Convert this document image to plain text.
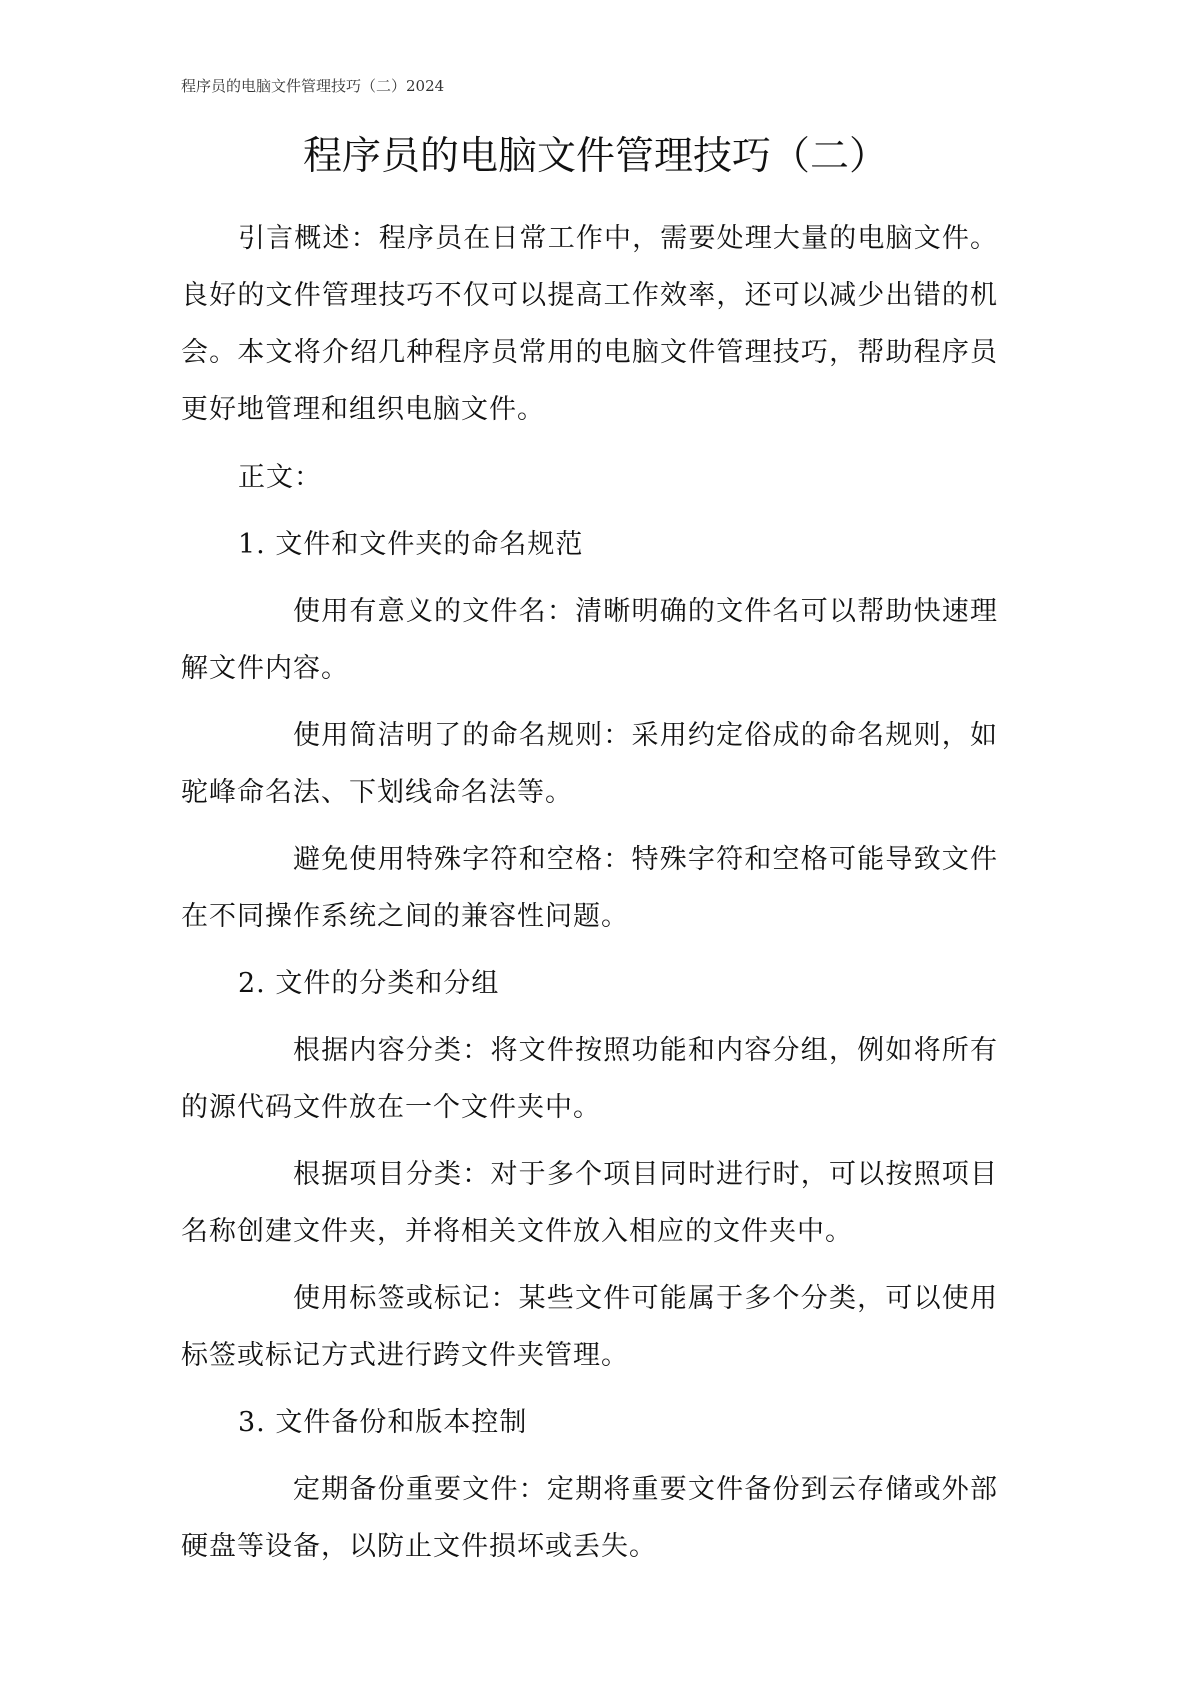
程序员的电脑文件管理技巧（二）2024
程序员的电脑文件管理技巧（二）

引言概述：程序员在日常工作中，需要处理大量的电脑文件。良好的文件管理技巧不仅可以提高工作效率，还可以减少出错的机会。本文将介绍几种程序员常用的电脑文件管理技巧，帮助程序员更好地管理和组织电脑文件。

正文：

1. 文件和文件夹的命名规范

使用有意义的文件名：清晰明确的文件名可以帮助快速理解文件内容。

使用简洁明了的命名规则：采用约定俗成的命名规则，如驼峰命名法、下划线命名法等。

避免使用特殊字符和空格：特殊字符和空格可能导致文件在不同操作系统之间的兼容性问题。

2. 文件的分类和分组

根据内容分类：将文件按照功能和内容分组，例如将所有的源代码文件放在一个文件夹中。

根据项目分类：对于多个项目同时进行时，可以按照项目名称创建文件夹，并将相关文件放入相应的文件夹中。

使用标签或标记：某些文件可能属于多个分类，可以使用标签或标记方式进行跨文件夹管理。

3. 文件备份和版本控制

定期备份重要文件：定期将重要文件备份到云存储或外部硬盘等设备，以防止文件损坏或丢失。
